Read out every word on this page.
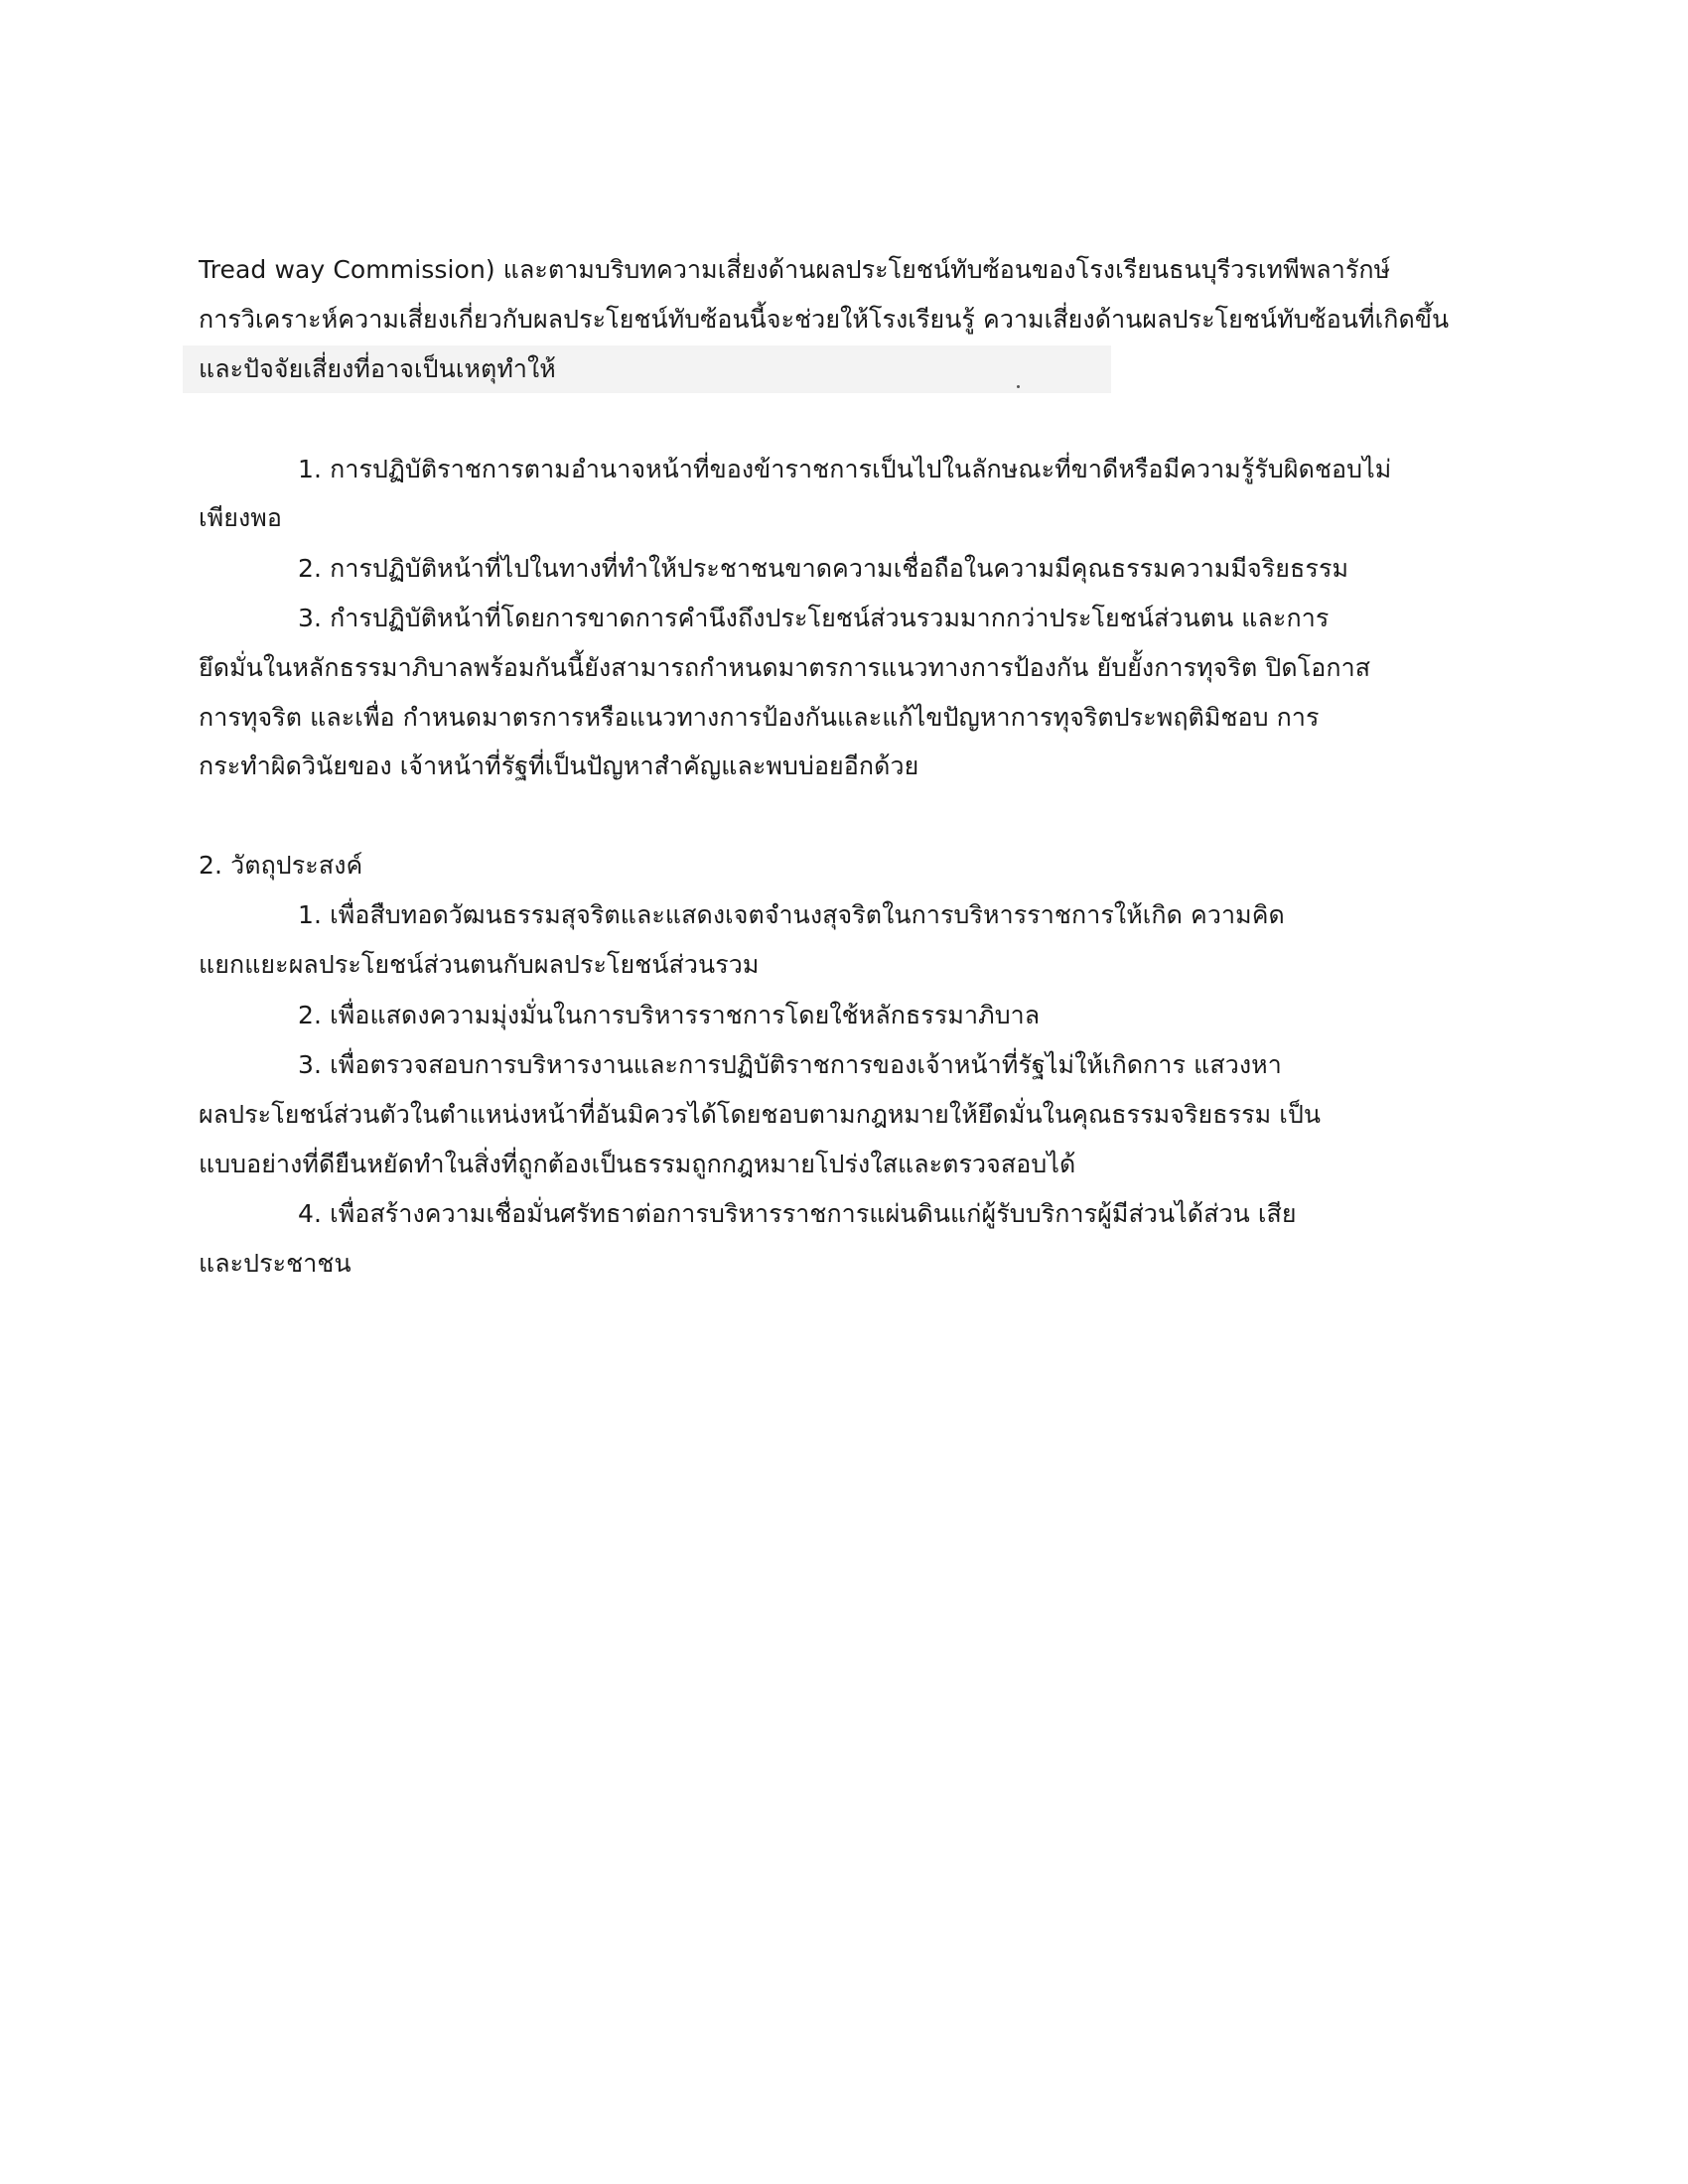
Tread way Commission) และตามบริบทความเสี่ยงด้านผลประโยชน์ทับซ้อนของโรงเรียนธนบุรีวรเทพีพลารักษ์
การวิเคราะห์ความเสี่ยงเกี่ยวกับผลประโยชน์ทับซ้อนนี้จะช่วยให้โรงเรียนรู้ ความเสี่ยงด้านผลประโยชน์ทับซ้อนที่เกิดขึ้น
และปัจจัยเสี่ยงที่อาจเป็นเหตุทำให้
1. การปฏิบัติราชการตามอำนาจหน้าที่ของข้าราชการเป็นไปในลักษณะที่ขาดีหรือมีความรู้รับผิดชอบไม่
เพียงพอ
2. การปฏิบัติหน้าที่ไปในทางที่ทำให้ประชาชนขาดความเชื่อถือในความมีคุณธรรมความมีจริยธรรม
3. กำรปฏิบัติหน้าที่โดยการขาดการคำนึงถึงประโยชน์ส่วนรวมมากกว่าประโยชน์ส่วนตน และการ
ยึดมั่นในหลักธรรมาภิบาลพร้อมกันนี้ยังสามารถกำหนดมาตรการแนวทางการป้องกัน ยับยั้งการทุจริต ปิดโอกาส
การทุจริต และเพื่อ กำหนดมาตรการหรือแนวทางการป้องกันและแก้ไขปัญหาการทุจริตประพฤติมิชอบ การ
กระทำผิดวินัยของ เจ้าหน้าที่รัฐที่เป็นปัญหาสำคัญและพบบ่อยอีกด้วย
2. วัตถุประสงค์
1. เพื่อสืบทอดวัฒนธรรมสุจริตและแสดงเจตจำนงสุจริตในการบริหารราชการให้เกิด ความคิด
แยกแยะผลประโยชน์ส่วนตนกับผลประโยชน์ส่วนรวม
2. เพื่อแสดงความมุ่งมั่นในการบริหารราชการโดยใช้หลักธรรมาภิบาล
3. เพื่อตรวจสอบการบริหารงานและการปฏิบัติราชการของเจ้าหน้าที่รัฐไม่ให้เกิดการ แสวงหา
ผลประโยชน์ส่วนตัวในตำแหน่งหน้าที่อันมิควรได้โดยชอบตามกฎหมายให้ยึดมั่นในคุณธรรมจริยธรรม เป็น
แบบอย่างที่ดียืนหยัดทำในสิ่งที่ถูกต้องเป็นธรรมถูกกฎหมายโปร่งใสและตรวจสอบได้
4. เพื่อสร้างความเชื่อมั่นศรัทธาต่อการบริหารราชการแผ่นดินแก่ผู้รับบริการผู้มีส่วนได้ส่วน เสีย
และประชาชน
